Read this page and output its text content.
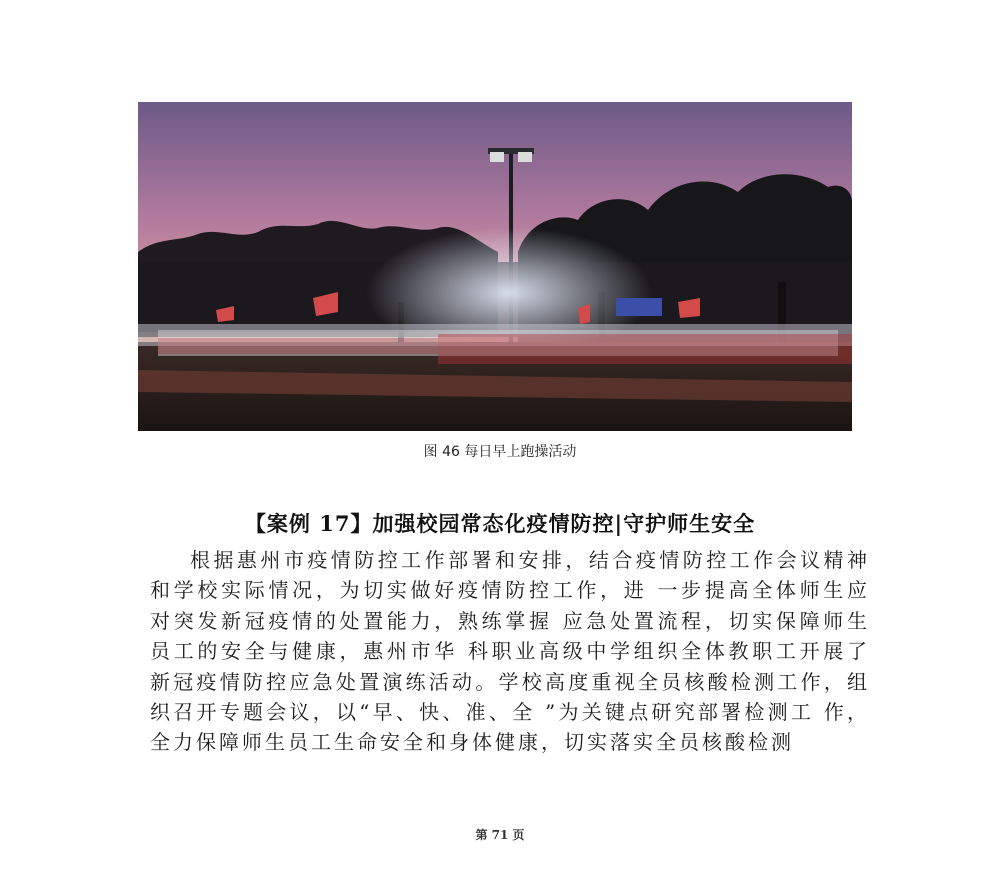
图 46 每日早上跑操活动
【案例 17】加强校园常态化疫情防控|守护师生安全
根据惠州市疫情防控工作部署和安排，结合疫情防控工作会议精神和学校实际情况，为切实做好疫情防控工作，进 一步提高全体师生应对突发新冠疫情的处置能力，熟练掌握 应急处置流程，切实保障师生员工的安全与健康，惠州市华 科职业高级中学组织全体教职工开展了新冠疫情防控应急处置演练活动。学校高度重视全员核酸检测工作，组织召开专题会议，以“早、快、准、全 ”为关键点研究部署检测工 作，全力保障师生员工生命安全和身体健康，切实落实全员核酸检测
第 71 页
